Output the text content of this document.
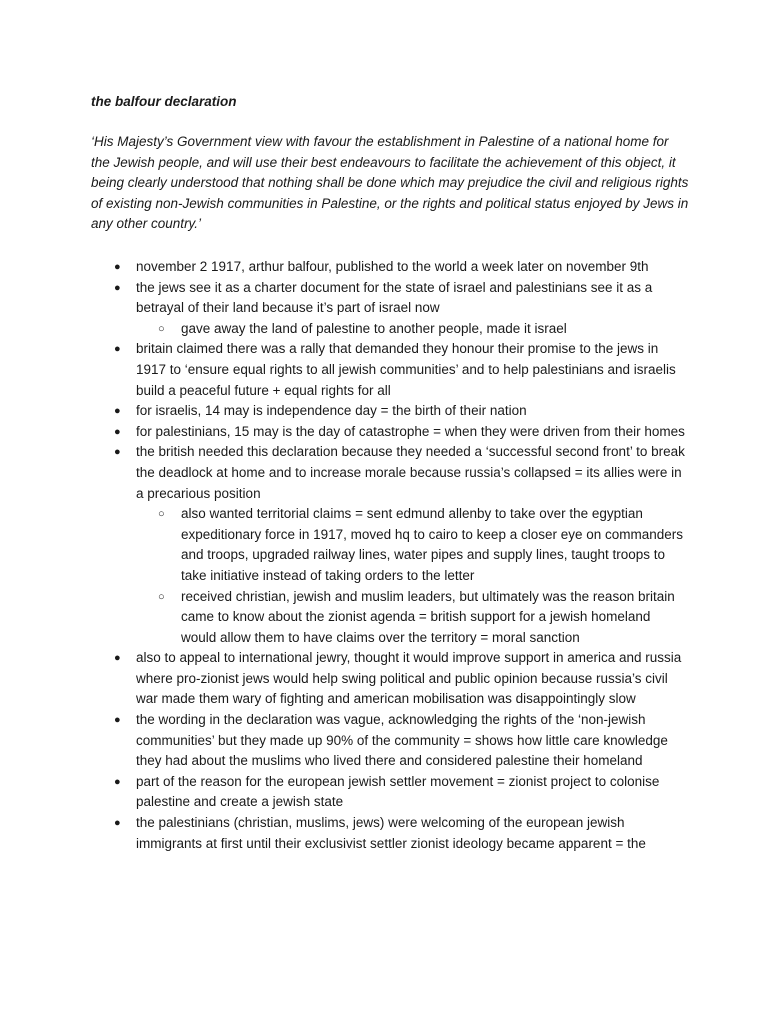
the balfour declaration
‘His Majesty’s Government view with favour the establishment in Palestine of a national home for the Jewish people, and will use their best endeavours to facilitate the achievement of this object, it being clearly understood that nothing shall be done which may prejudice the civil and religious rights of existing non-Jewish communities in Palestine, or the rights and political status enjoyed by Jews in any other country.’
● november 2 1917, arthur balfour, published to the world a week later on november 9th
● the jews see it as a charter document for the state of israel and palestinians see it as a betrayal of their land because it’s part of israel now
○ gave away the land of palestine to another people, made it israel
● britain claimed there was a rally that demanded they honour their promise to the jews in 1917 to ‘ensure equal rights to all jewish communities’ and to help palestinians and israelis build a peaceful future + equal rights for all
● for israelis, 14 may is independence day = the birth of their nation
● for palestinians, 15 may is the day of catastrophe = when they were driven from their homes
● the british needed this declaration because they needed a ‘successful second front’ to break the deadlock at home and to increase morale because russia’s collapsed = its allies were in a precarious position
○ also wanted territorial claims = sent edmund allenby to take over the egyptian expeditionary force in 1917, moved hq to cairo to keep a closer eye on commanders and troops, upgraded railway lines, water pipes and supply lines, taught troops to take initiative instead of taking orders to the letter
○ received christian, jewish and muslim leaders, but ultimately was the reason britain came to know about the zionist agenda = british support for a jewish homeland would allow them to have claims over the territory = moral sanction
● also to appeal to international jewry, thought it would improve support in america and russia where pro-zionist jews would help swing political and public opinion because russia’s civil war made them wary of fighting and american mobilisation was disappointingly slow
● the wording in the declaration was vague, acknowledging the rights of the ‘non-jewish communities’ but they made up 90% of the community = shows how little care knowledge they had about the muslims who lived there and considered palestine their homeland
● part of the reason for the european jewish settler movement = zionist project to colonise palestine and create a jewish state
● the palestinians (christian, muslims, jews) were welcoming of the european jewish immigrants at first until their exclusivist settler zionist ideology became apparent = the
